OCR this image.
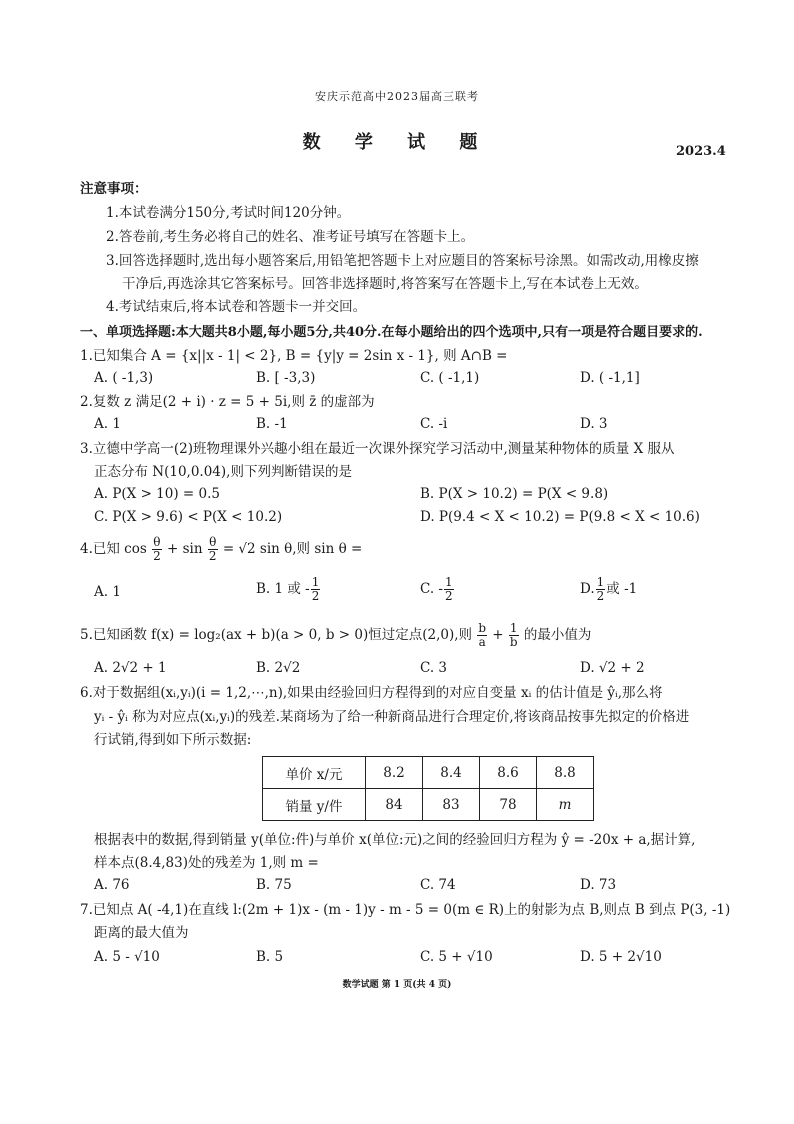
安庆示范高中2023届高三联考
数 学 试 题	2023.4
注意事项：
1.本试卷满分150分,考试时间120分钟。
2.答卷前,考生务必将自己的姓名、准考证号填写在答题卡上。
3.回答选择题时,选出每小题答案后,用铅笔把答题卡上对应题目的答案标号涂黑。如需改动,用橡皮擦
干净后,再选涂其它答案标号。回答非选择题时,将答案写在答题卡上,写在本试卷上无效。
4.考试结束后,将本试卷和答题卡一并交回。
一、单项选择题:本大题共8小题,每小题5分,共40分.在每小题给出的四个选项中,只有一项是符合题目要求的.
1.已知集合 A = {x||x - 1| < 2}, B = {y|y = 2sin x - 1}, 则 A∩B =
A. ( -1,3)	B. [ -3,3)	C. ( -1,1)	D. ( -1,1]
2.复数 z 满足(2 + i) · z = 5 + 5i,则 z̄ 的虚部为
A. 1	B. -1	C. -i	D. 3
3.立德中学高一(2)班物理课外兴趣小组在最近一次课外探究学习活动中,测量某种物体的质量 X 服从
正态分布 N(10,0.04),则下列判断错误的是
A. P(X > 10) = 0.5	B. P(X > 10.2) = P(X < 9.8)
C. P(X > 9.6) < P(X < 10.2)	D. P(9.4 < X < 10.2) = P(9.8 < X < 10.6)
4.已知 $\cos \frac{\theta}{2} + \sin \frac{\theta}{2} = √2$ sin θ,则 sin θ =
A. 1	B. 1 或 - $\frac{1}{2}$	C. - $\frac{1}{2}$	D. $\frac{1}{2}$ 或 -1
5.已知函数 f(x) = log₂(ax + b)(a > 0, b > 0)恒过定点(2,0),则 $\frac{b}{a} + \frac{1}{b}$ 的最小值为
A. 2√2 + 1	B. 2√2	C. 3	D. √2 + 2
6.对于数据组(xᵢ,yᵢ)(i = 1,2,⋯,n),如果由经验回归方程得到的对应自变量 xᵢ 的估计值是 ŷᵢ,那么将
yᵢ - ŷᵢ 称为对应点(xᵢ,yᵢ)的残差.某商场为了给一种新商品进行合理定价,将该商品按事先拟定的价格进
行试销,得到如下所示数据:
单价 x/元	8.2	8.4	8.6	8.8
销量 y/件	84	83	78	m
根据表中的数据,得到销量 y(单位:件)与单价 x(单位:元)之间的经验回归方程为 ŷ = -20x + a,据计算,
样本点(8.4,83)处的残差为 1,则 m =
A. 76	B. 75	C. 74	D. 73
7.已知点 A( -4,1)在直线 l:(2m + 1)x - (m - 1)y - m - 5 = 0(m ∈ R)上的射影为点 B,则点 B 到点 P(3, -1)
距离的最大值为
A. 5 - √10	B. 5	C. 5 + √10	D. 5 + 2√10
数学试题 第 1 页(共 4 页)
